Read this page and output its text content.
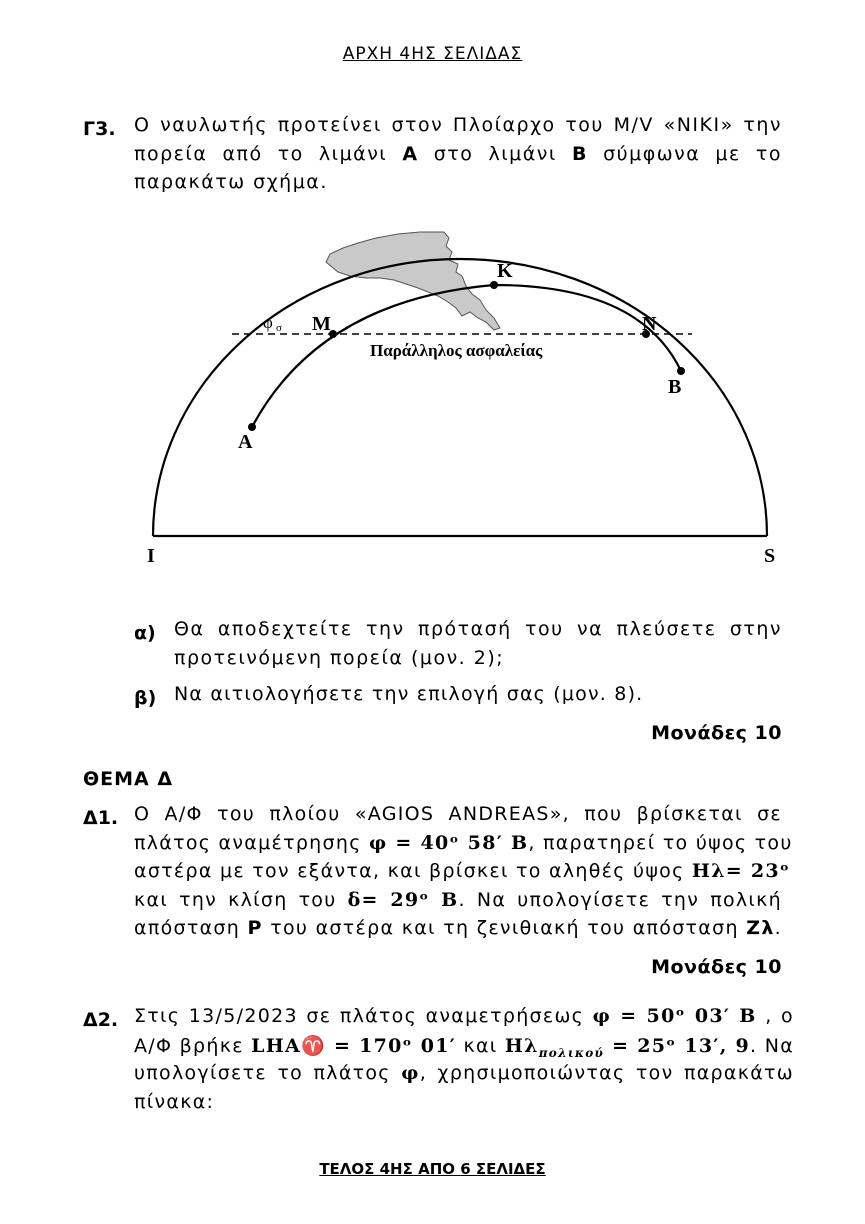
ΑΡΧΗ 4ΗΣ ΣΕΛΙΔΑΣ
Γ3. Ο ναυλωτής προτείνει στον Πλοίαρχο του M/V «NIKI» την
πορεία από το λιμάνι Α στο λιμάνι Β σύμφωνα με το
παρακάτω σχήμα.
K
M	N
A
B
I	S
φ σ
Παράλληλος ασφαλείας
α) Θα αποδεχτείτε την πρότασή του να πλεύσετε στην
προτεινόμενη πορεία (μον. 2);
β) Να αιτιολογήσετε την επιλογή σας (μον. 8).
Μονάδες 10
ΘΕΜΑ Δ
Δ1. Ο Α/Φ του πλοίου «AGIOS ANDREAS», που βρίσκεται σε
πλάτος αναμέτρησης φ = 40ᵒ 58′ Β, παρατηρεί το ύψος του
αστέρα με τον εξάντα, και βρίσκει το αληθές ύψος Ηλ= 23ᵒ
και την κλίση του δ= 29ᵒ Β. Να υπολογίσετε την πολική
απόσταση Ρ του αστέρα και τη ζενιθιακή του απόσταση Ζλ.
Μονάδες 10
Δ2. Στις 13/5/2023 σε πλάτος αναμετρήσεως φ = 50ᵒ 03′ Β , ο
Α/Φ βρήκε LHA♈ = 170ᵒ 01′ και $H\lambda_{\pi o\lambda\iota\kappa oύ}$ = 25ᵒ 13′, 9. Να
υπολογίσετε το πλάτος φ, χρησιμοποιώντας τον παρακάτω
πίνακα:
ΤΕΛΟΣ 4ΗΣ ΑΠΟ 6 ΣΕΛΙΔΕΣ
